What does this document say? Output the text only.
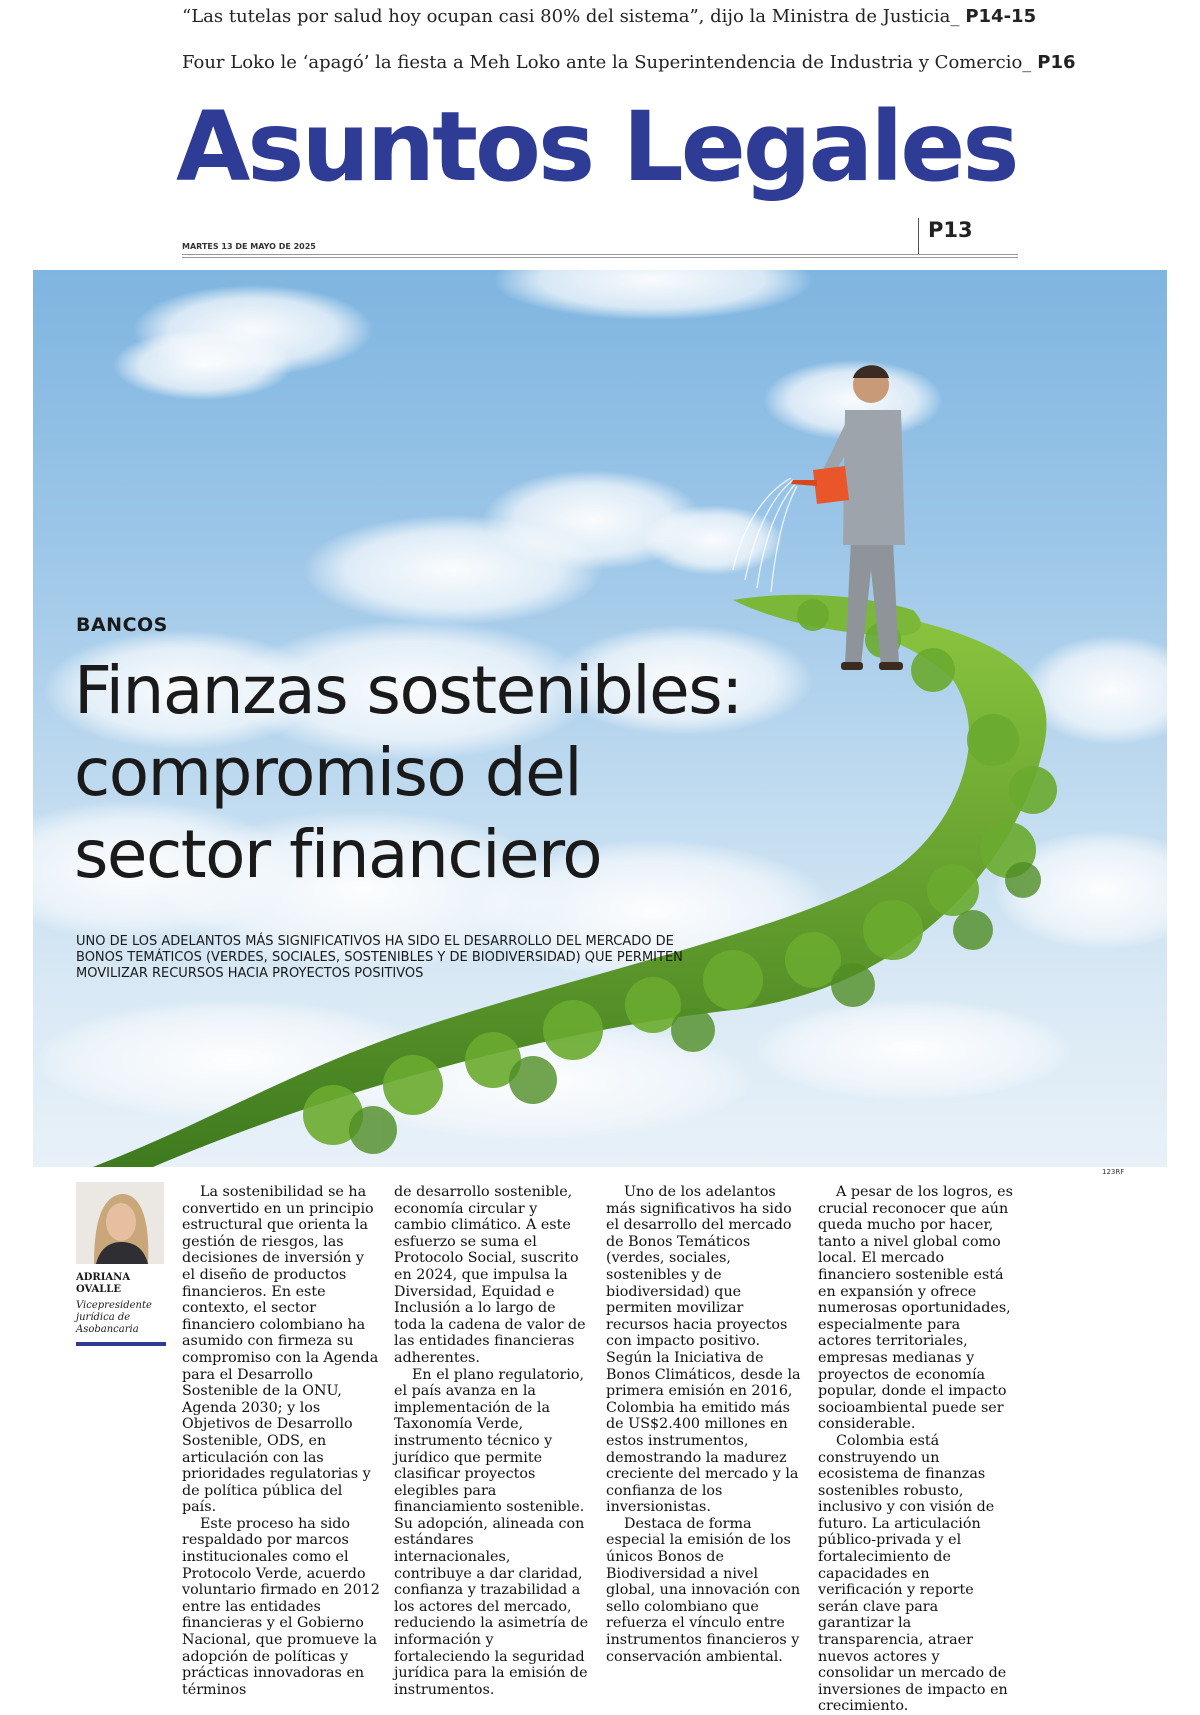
“Las tutelas por salud hoy ocupan casi 80% del sistema”, dijo la Ministra de Justicia_ P14-15
Four Loko le ‘apagó’ la fiesta a Meh Loko ante la Superintendencia de Industria y Comercio_ P16
Asuntos Legales
P13
MARTES 13 DE MAYO DE 2025
BANCOS
Finanzas sostenibles:
compromiso del
sector financiero
UNO DE LOS ADELANTOS MÁS SIGNIFICATIVOS HA SIDO EL DESARROLLO DEL MERCADO DE BONOS TEMÁTICOS (VERDES, SOCIALES, SOSTENIBLES Y DE BIODIVERSIDAD) QUE PERMITEN MOVILIZAR RECURSOS HACIA PROYECTOS POSITIVOS
123RF
ADRIANA OVALLE
Vicepresidente jurídica de Asobancaria

La sostenibilidad se ha convertido en un principio estructural que orienta la gestión de riesgos, las decisiones de inversión y el diseño de productos financieros. En este contexto, el sector financiero colombiano ha asumido con firmeza su compromiso con la Agenda para el Desarrollo Sostenible de la ONU, Agenda 2030; y los Objetivos de Desarrollo Sostenible, ODS, en articulación con las prioridades regulatorias y de política pública del país.

Este proceso ha sido respaldado por marcos institucionales como el Protocolo Verde, acuerdo voluntario firmado en 2012 entre las entidades financieras y el Gobierno Nacional, que promueve la adopción de políticas y prácticas innovadoras en términos

de desarrollo sostenible, economía circular y cambio climático. A este esfuerzo se suma el Protocolo Social, suscrito en 2024, que impulsa la Diversidad, Equidad e Inclusión a lo largo de toda la cadena de valor de las entidades financieras adherentes.

En el plano regulatorio, el país avanza en la implementación de la Taxonomía Verde, instrumento técnico y jurídico que permite clasificar proyectos elegibles para financiamiento sostenible. Su adopción, alineada con estándares internacionales, contribuye a dar claridad, confianza y trazabilidad a los actores del mercado, reduciendo la asimetría de información y fortaleciendo la seguridad jurídica para la emisión de instrumentos.

Uno de los adelantos más significativos ha sido el desarrollo del mercado de Bonos Temáticos (verdes, sociales, sostenibles y de biodiversidad) que permiten movilizar recursos hacia proyectos con impacto positivo. Según la Iniciativa de Bonos Climáticos, desde la primera emisión en 2016, Colombia ha emitido más de US$2.400 millones en estos instrumentos, demostrando la madurez creciente del mercado y la confianza de los inversionistas.

Destaca de forma especial la emisión de los únicos Bonos de Biodiversidad a nivel global, una innovación con sello colombiano que refuerza el vínculo entre instrumentos financieros y conservación ambiental.

A pesar de los logros, es crucial reconocer que aún queda mucho por hacer, tanto a nivel global como local. El mercado financiero sostenible está en expansión y ofrece numerosas oportunidades, especialmente para actores territoriales, empresas medianas y proyectos de economía popular, donde el impacto socioambiental puede ser considerable.

Colombia está construyendo un ecosistema de finanzas sostenibles robusto, inclusivo y con visión de futuro. La articulación público-privada y el fortalecimiento de capacidades en verificación y reporte serán clave para garantizar la transparencia, atraer nuevos actores y consolidar un mercado de inversiones de impacto en crecimiento.
